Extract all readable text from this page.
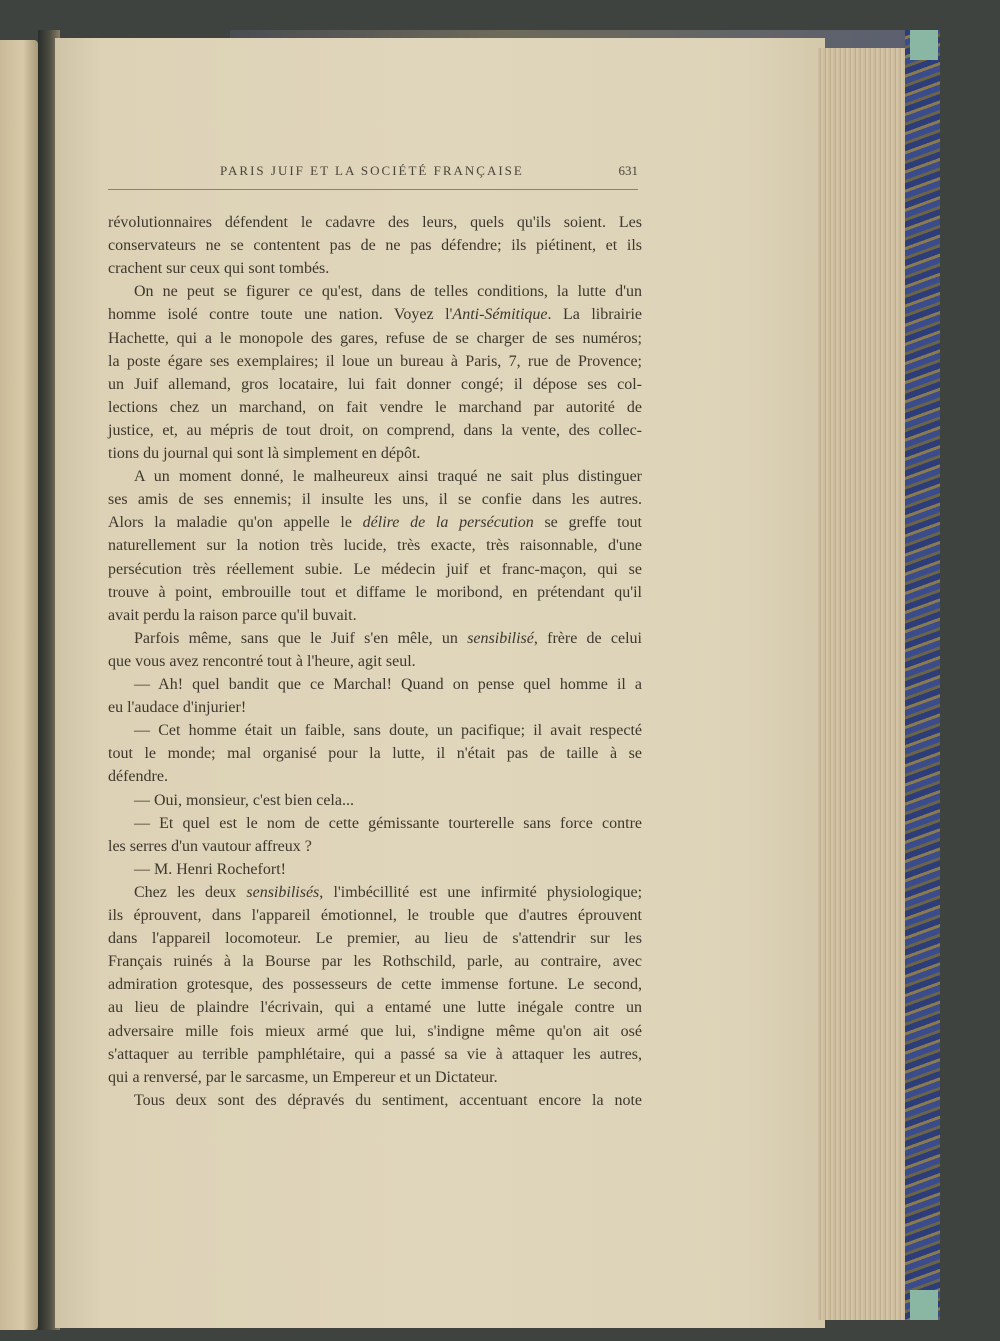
PARIS JUIF ET LA SOCIÉTÉ FRANÇAISE	631
révolutionnaires défendent le cadavre des leurs, quels qu'ils soient. Les
conservateurs ne se contentent pas de ne pas défendre; ils piétinent, et ils
crachent sur ceux qui sont tombés.
On ne peut se figurer ce qu'est, dans de telles conditions, la lutte d'un
homme isolé contre toute une nation. Voyez l'Anti-Sémitique. La librairie
Hachette, qui a le monopole des gares, refuse de se charger de ses numéros;
la poste égare ses exemplaires; il loue un bureau à Paris, 7, rue de Provence;
un Juif allemand, gros locataire, lui fait donner congé; il dépose ses col-
lections chez un marchand, on fait vendre le marchand par autorité de
justice, et, au mépris de tout droit, on comprend, dans la vente, des collec-
tions du journal qui sont là simplement en dépôt.
A un moment donné, le malheureux ainsi traqué ne sait plus distinguer
ses amis de ses ennemis; il insulte les uns, il se confie dans les autres.
Alors la maladie qu'on appelle le délire de la persécution se greffe tout
naturellement sur la notion très lucide, très exacte, très raisonnable, d'une
persécution très réellement subie. Le médecin juif et franc-maçon, qui se
trouve à point, embrouille tout et diffame le moribond, en prétendant qu'il
avait perdu la raison parce qu'il buvait.
Parfois même, sans que le Juif s'en mêle, un sensibilisé, frère de celui
que vous avez rencontré tout à l'heure, agit seul.
— Ah! quel bandit que ce Marchal! Quand on pense quel homme il a
eu l'audace d'injurier!
— Cet homme était un faible, sans doute, un pacifique; il avait respecté
tout le monde; mal organisé pour la lutte, il n'était pas de taille à se
défendre.
— Oui, monsieur, c'est bien cela...
— Et quel est le nom de cette gémissante tourterelle sans force contre
les serres d'un vautour affreux ?
— M. Henri Rochefort!
Chez les deux sensibilisés, l'imbécillité est une infirmité physiologique;
ils éprouvent, dans l'appareil émotionnel, le trouble que d'autres éprouvent
dans l'appareil locomoteur. Le premier, au lieu de s'attendrir sur les
Français ruinés à la Bourse par les Rothschild, parle, au contraire, avec
admiration grotesque, des possesseurs de cette immense fortune. Le second,
au lieu de plaindre l'écrivain, qui a entamé une lutte inégale contre un
adversaire mille fois mieux armé que lui, s'indigne même qu'on ait osé
s'attaquer au terrible pamphlétaire, qui a passé sa vie à attaquer les autres,
qui a renversé, par le sarcasme, un Empereur et un Dictateur.
Tous deux sont des dépravés du sentiment, accentuant encore la note
